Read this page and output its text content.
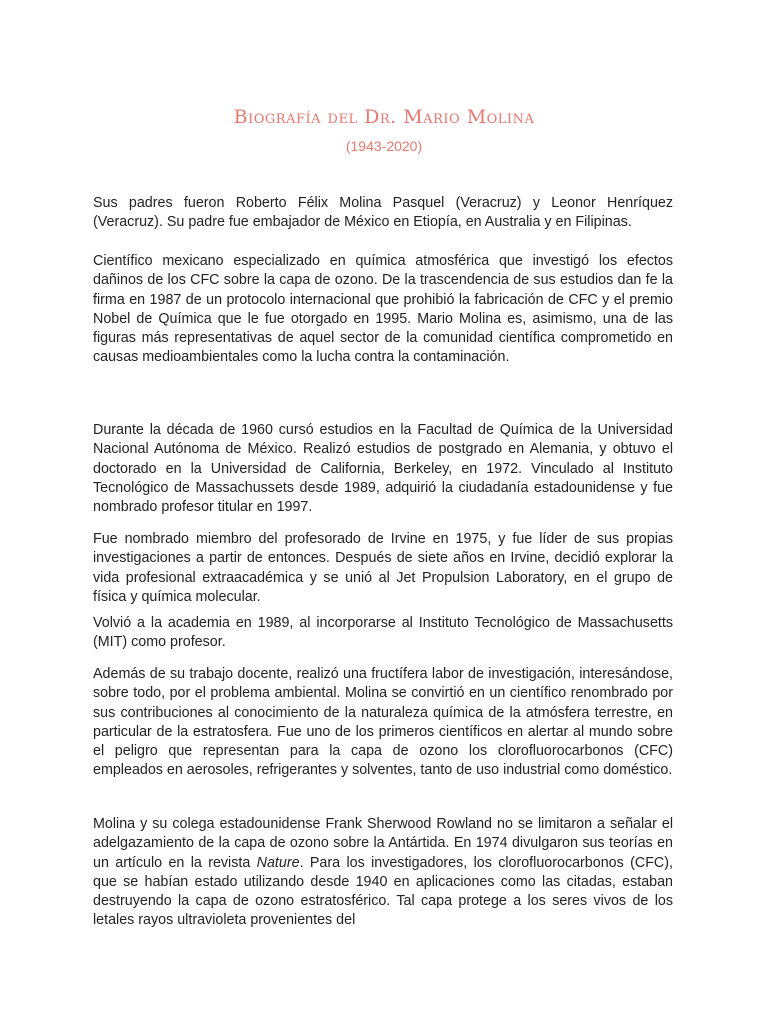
Biografía del Dr. Mario Molina
(1943-2020)

Sus padres fueron Roberto Félix Molina Pasquel (Veracruz) y Leonor Henríquez (Veracruz). Su padre fue embajador de México en Etiopía, en Australia y en Filipinas.

Científico mexicano especializado en química atmosférica que investigó los efectos dañinos de los CFC sobre la capa de ozono. De la trascendencia de sus estudios dan fe la firma en 1987 de un protocolo internacional que prohibió la fabricación de CFC y el premio Nobel de Química que le fue otorgado en 1995. Mario Molina es, asimismo, una de las figuras más representativas de aquel sector de la comunidad científica comprometido en causas medioambientales como la lucha contra la contaminación.

Durante la década de 1960 cursó estudios en la Facultad de Química de la Universidad Nacional Autónoma de México. Realizó estudios de postgrado en Alemania, y obtuvo el doctorado en la Universidad de California, Berkeley, en 1972. Vinculado al Instituto Tecnológico de Massachussets desde 1989, adquirió la ciudadanía estadounidense y fue nombrado profesor titular en 1997.

Fue nombrado miembro del profesorado de Irvine en 1975, y fue líder de sus propias investigaciones a partir de entonces. Después de siete años en Irvine, decidió explorar la vida profesional extraacadémica y se unió al Jet Propulsion Laboratory, en el grupo de física y química molecular.

Volvió a la academia en 1989, al incorporarse al Instituto Tecnológico de Massachusetts (MIT) como profesor.

Además de su trabajo docente, realizó una fructífera labor de investigación, interesándose, sobre todo, por el problema ambiental. Molina se convirtió en un científico renombrado por sus contribuciones al conocimiento de la naturaleza química de la atmósfera terrestre, en particular de la estratosfera. Fue uno de los primeros científicos en alertar al mundo sobre el peligro que representan para la capa de ozono los clorofluorocarbonos (CFC) empleados en aerosoles, refrigerantes y solventes, tanto de uso industrial como doméstico.

Molina y su colega estadounidense Frank Sherwood Rowland no se limitaron a señalar el adelgazamiento de la capa de ozono sobre la Antártida. En 1974 divulgaron sus teorías en un artículo en la revista Nature. Para los investigadores, los clorofluorocarbonos (CFC), que se habían estado utilizando desde 1940 en aplicaciones como las citadas, estaban destruyendo la capa de ozono estratosférico. Tal capa protege a los seres vivos de los letales rayos ultravioleta provenientes del
